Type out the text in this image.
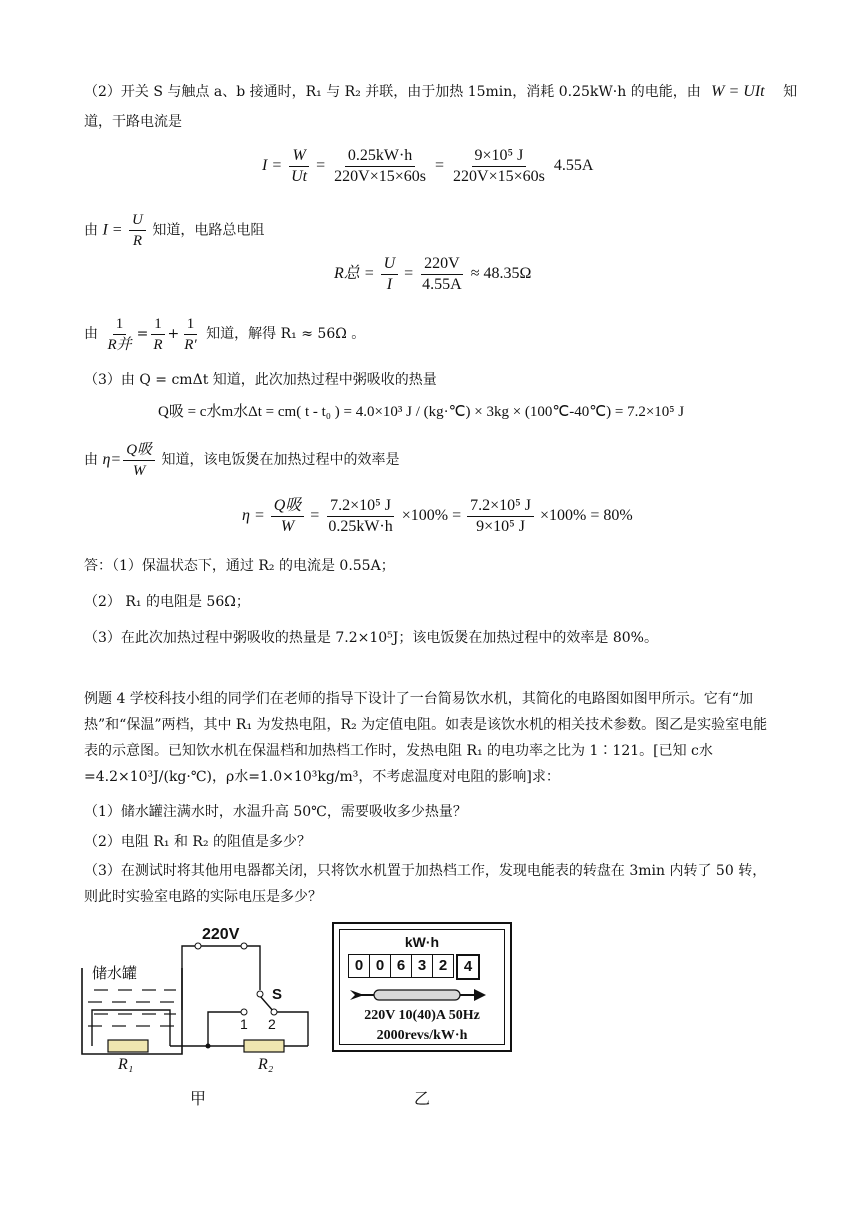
（2）开关 S 与触点 a、b 接通时，R₁ 与 R₂ 并联，由于加热 15min，消耗 0.25kW·h 的电能，由 W = UIt 知
道，干路电流是
$I = \frac{W}{Ut} = \frac{0.25kW\cdot h}{220V\times 15\times 60s} = \frac{\text{9×10⁵ J}}{220V\times 15\times 60s} 4.55A$
由 $I = \frac{U}{R}$ 知道，电路总电阻
R总 = $\frac{U}{I} = \frac{220V}{4.55A} \approx 48.35\Omega$
由 $\frac{1}{\text{R并}} = \frac{1}{R} + \frac{1}{R'}$ 知道，解得 R₁ ≈ 56Ω 。
（3）由 Q = cmΔt 知道，此次加热过程中粥吸收的热量
Q吸 = c水m水Δt = cm( t - t₀ ) = 4.0×10³ J / (kg·℃) × 3kg × (100℃-40℃) = 7.2×10⁵ J
由 $\eta= \frac{\text{Q吸}}{W}$ 知道，该电饭煲在加热过程中的效率是
$\eta = \frac{\text{Q吸}}{W} = \frac{\text{7.2×10⁵ J}}{0.25kW\cdot h} \times 100\% = \frac{\text{7.2×10⁵ J}}{\text{9×10⁵ J}} \times 100\% = 80\%$
答：（1）保温状态下，通过 R₂ 的电流是 0.55A；
（2） R₁ 的电阻是 56Ω；
（3）在此次加热过程中粥吸收的热量是 7.2×10⁵J；该电饭煲在加热过程中的效率是 80%。
例题 4 学校科技小组的同学们在老师的指导下设计了一台简易饮水机，其简化的电路图如图甲所示。它有“加热”和“保温”两档，其中 R₁ 为发热电阻，R₂ 为定值电阻。如表是该饮水机的相关技术参数。图乙是实验室电能表的示意图。已知饮水机在保温档和加热档工作时，发热电阻 R₁ 的电功率之比为 1∶121。[已知 c水=4.2×10³J/(kg·℃)，ρ水=1.0×10³kg/m³，不考虑温度对电阻的影响]求：
（1）储水罐注满水时，水温升高 50℃，需要吸收多少热量？
（2）电阻 R₁ 和 R₂ 的阻值是多少？
（3）在测试时将其他用电器都关闭，只将饮水机置于加热档工作，发现电能表的转盘在 3min 内转了 50 转，则此时实验室电路的实际电压是多少？
220V
储水罐
S
1 2
R₁	R₂
甲
kW·h
0 0 6 3 2	4
220V 10(40)A 50Hz
2000revs/kW·h
乙
